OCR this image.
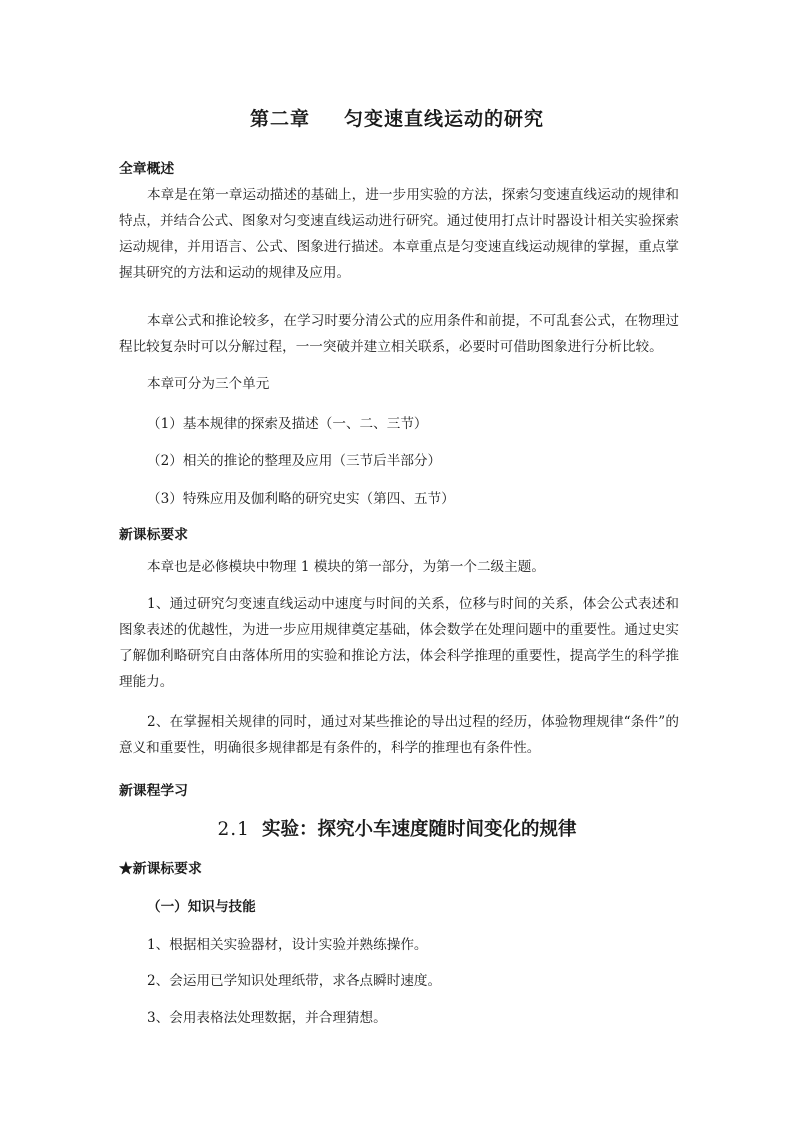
第二章 匀变速直线运动的研究
全章概述

本章是在第一章运动描述的基础上，进一步用实验的方法，探索匀变速直线运动的规律和特点，并结合公式、图象对匀变速直线运动进行研究。通过使用打点计时器设计相关实验探索运动规律，并用语言、公式、图象进行描述。本章重点是匀变速直线运动规律的掌握，重点掌握其研究的方法和运动的规律及应用。

本章公式和推论较多，在学习时要分清公式的应用条件和前提，不可乱套公式，在物理过程比较复杂时可以分解过程，一一突破并建立相关联系，必要时可借助图象进行分析比较。

本章可分为三个单元

（1）基本规律的探索及描述（一、二、三节）

（2）相关的推论的整理及应用（三节后半部分）

（3）特殊应用及伽利略的研究史实（第四、五节）

新课标要求

本章也是必修模块中物理 1 模块的第一部分，为第一个二级主题。

1、通过研究匀变速直线运动中速度与时间的关系，位移与时间的关系，体会公式表述和图象表述的优越性，为进一步应用规律奠定基础，体会数学在处理问题中的重要性。通过史实了解伽利略研究自由落体所用的实验和推论方法，体会科学推理的重要性，提高学生的科学推理能力。

2、在掌握相关规律的同时，通过对某些推论的导出过程的经历，体验物理规律“条件”的意义和重要性，明确很多规律都是有条件的，科学的推理也有条件性。

新课程学习
2.1 实验：探究小车速度随时间变化的规律
★新课标要求

（一）知识与技能

1、根据相关实验器材，设计实验并熟练操作。

2、会运用已学知识处理纸带，求各点瞬时速度。

3、会用表格法处理数据，并合理猜想。
